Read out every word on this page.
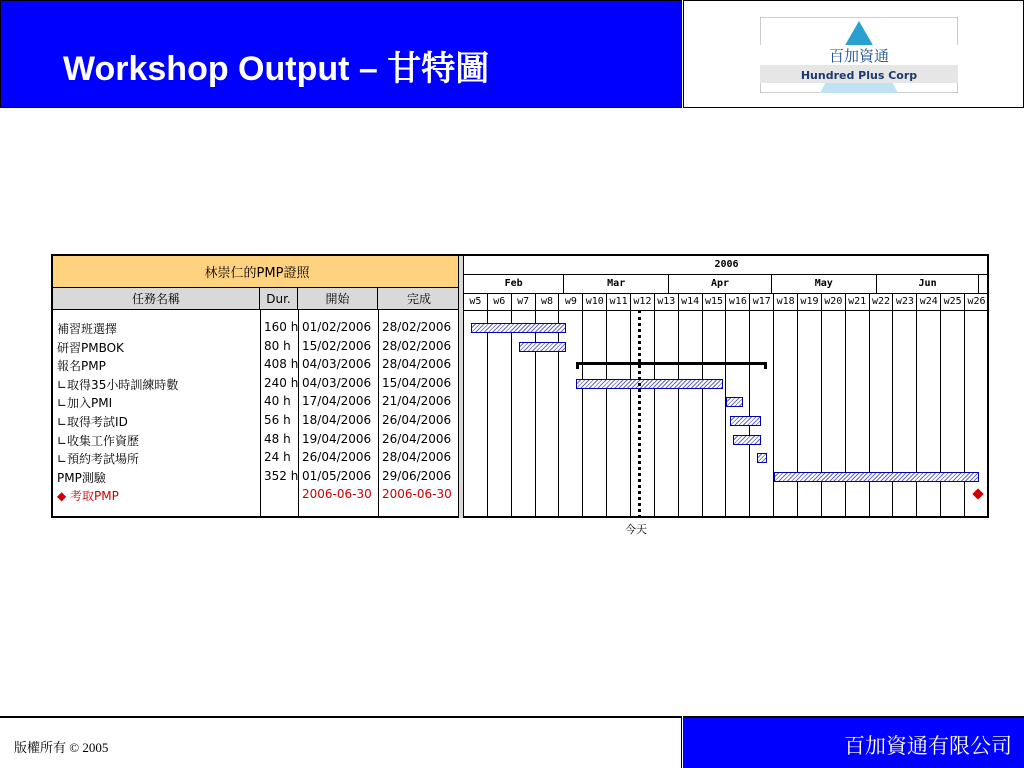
Workshop Output – 甘特圖	百加資通
Hundred Plus Corp
林崇仁的PMP證照
任務名稱	Dur.	開始	完成
補習班選擇	160 h 01/02/2006 28/02/2006
研習PMBOK	80 h 15/02/2006 28/02/2006
報名PMP	408 h 04/03/2006 28/04/2006
∟取得35小時訓練時數	240 h 04/03/2006 15/04/2006
∟加入PMI	40 h 17/04/2006 21/04/2006
∟取得考試ID	56 h 18/04/2006 26/04/2006
∟收集工作資歷	48 h 19/04/2006 26/04/2006
∟預約考試場所	24 h 26/04/2006 28/04/2006
PMP測驗	352 h 01/05/2006 29/06/2006
◆ 考取PMP	2006-06-30 2006-06-30
2006
Feb	Mar	Apr	May	Jun
w5	w6	w7	w8	w9 w10 w11 w12 w13 w14 w15 w16 w17 w18 w19 w20 w21 w22 w23 w24 w25 w26
今天
版權所有 © 2005	百加資通有限公司
